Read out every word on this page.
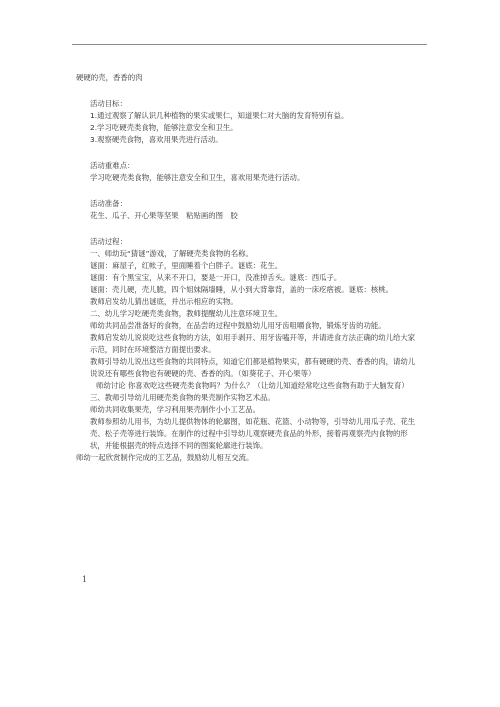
硬硬的壳，香香的肉
活动目标：
1.通过观察了解认识几种植物的果实或果仁，知道果仁对大脑的发育特别有益。
2.学习吃硬壳类食物，能够注意安全和卫生。
3.观察硬壳食物，喜欢用果壳进行活动。
活动重难点：
学习吃硬壳类食物，能够注意安全和卫生，喜欢用果壳进行活动。
活动准备：
花生、瓜子、开心果等坚果　粘贴画的图　胶
活动过程：
一、师幼玩“猜谜”游戏，了解硬壳类食物的名称。
谜面：麻屋子，红帐子，里面睡着个白胖子。谜底：花生。
谜面：有个黑宝宝，从来不开口，要是一开口，没准掉舌头。谜底：西瓜子。
谜面：壳儿硬，壳儿脆，四个姐妹隔墙睡，从小到大背靠背，盖的一床疙瘩被。谜底：核桃。
教师启发幼儿猜出谜底，并出示相应的实物。
二、幼儿学习吃硬壳类食物，教师提醒幼儿注意环境卫生。
师幼共同品尝准备好的食物，在品尝的过程中鼓励幼儿用牙齿咀嚼食物，锻炼牙齿的功能。
教师启发幼儿说说吃这些食物的方法，如用手剥开、用牙齿嗑开等，并请进食方法正确的幼儿给大家示范，同时在环境整洁方面提出要求。
教师引导幼儿说出这些食物的共同特点，知道它们都是植物果实，都有硬硬的壳、香香的肉，请幼儿说说还有哪些食物也有硬硬的壳、香香的肉。（如葵花子、开心果等）
师幼讨论 你喜欢吃这些硬壳类食物吗？为什么？（让幼儿知道经常吃这些食物有助于大脑发育）
三、教师引导幼儿用硬壳类食物的果壳制作实物艺术品。
师幼共同收集果壳，学习利用果壳制作小小工艺品。
教师参照幼儿用书，为幼儿提供物体的轮廓图，如花瓶、花篮、小动物等，引导幼儿用瓜子壳、花生壳、松子壳等进行装饰。在制作的过程中引导幼儿观察硬壳食品的外形，接着再观察壳内食物的形状，并能根据壳的特点选择不同的图案轮廓进行装饰。
师幼一起欣赏制作完成的工艺品，鼓励幼儿相互交流。
1
